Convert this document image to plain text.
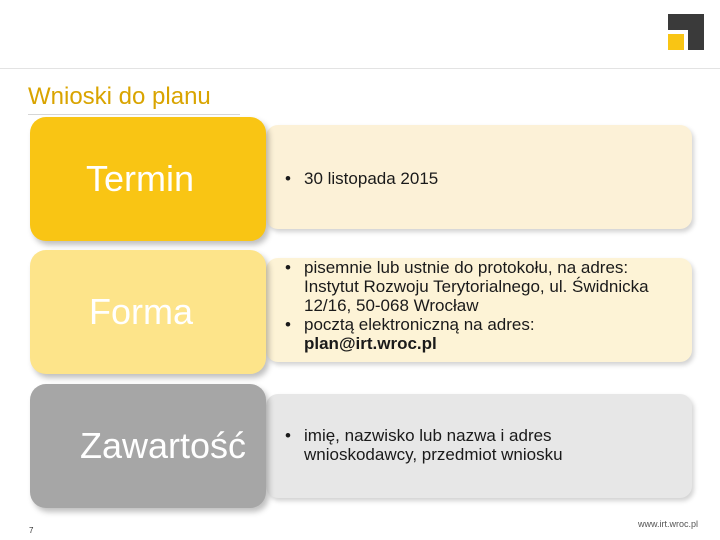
Wnioski do planu
Termin
Forma
Zawartość
• 30 listopada 2015
• pisemnie lub ustnie do protokołu, na adres: Instytut Rozwoju Terytorialnego, ul. Świdnicka 12/16, 50-068 Wrocław
• pocztą elektroniczną na adres:
plan@irt.wroc.pl
• imię, nazwisko lub nazwa i adres wnioskodawcy, przedmiot wniosku
7
www.irt.wroc.pl
